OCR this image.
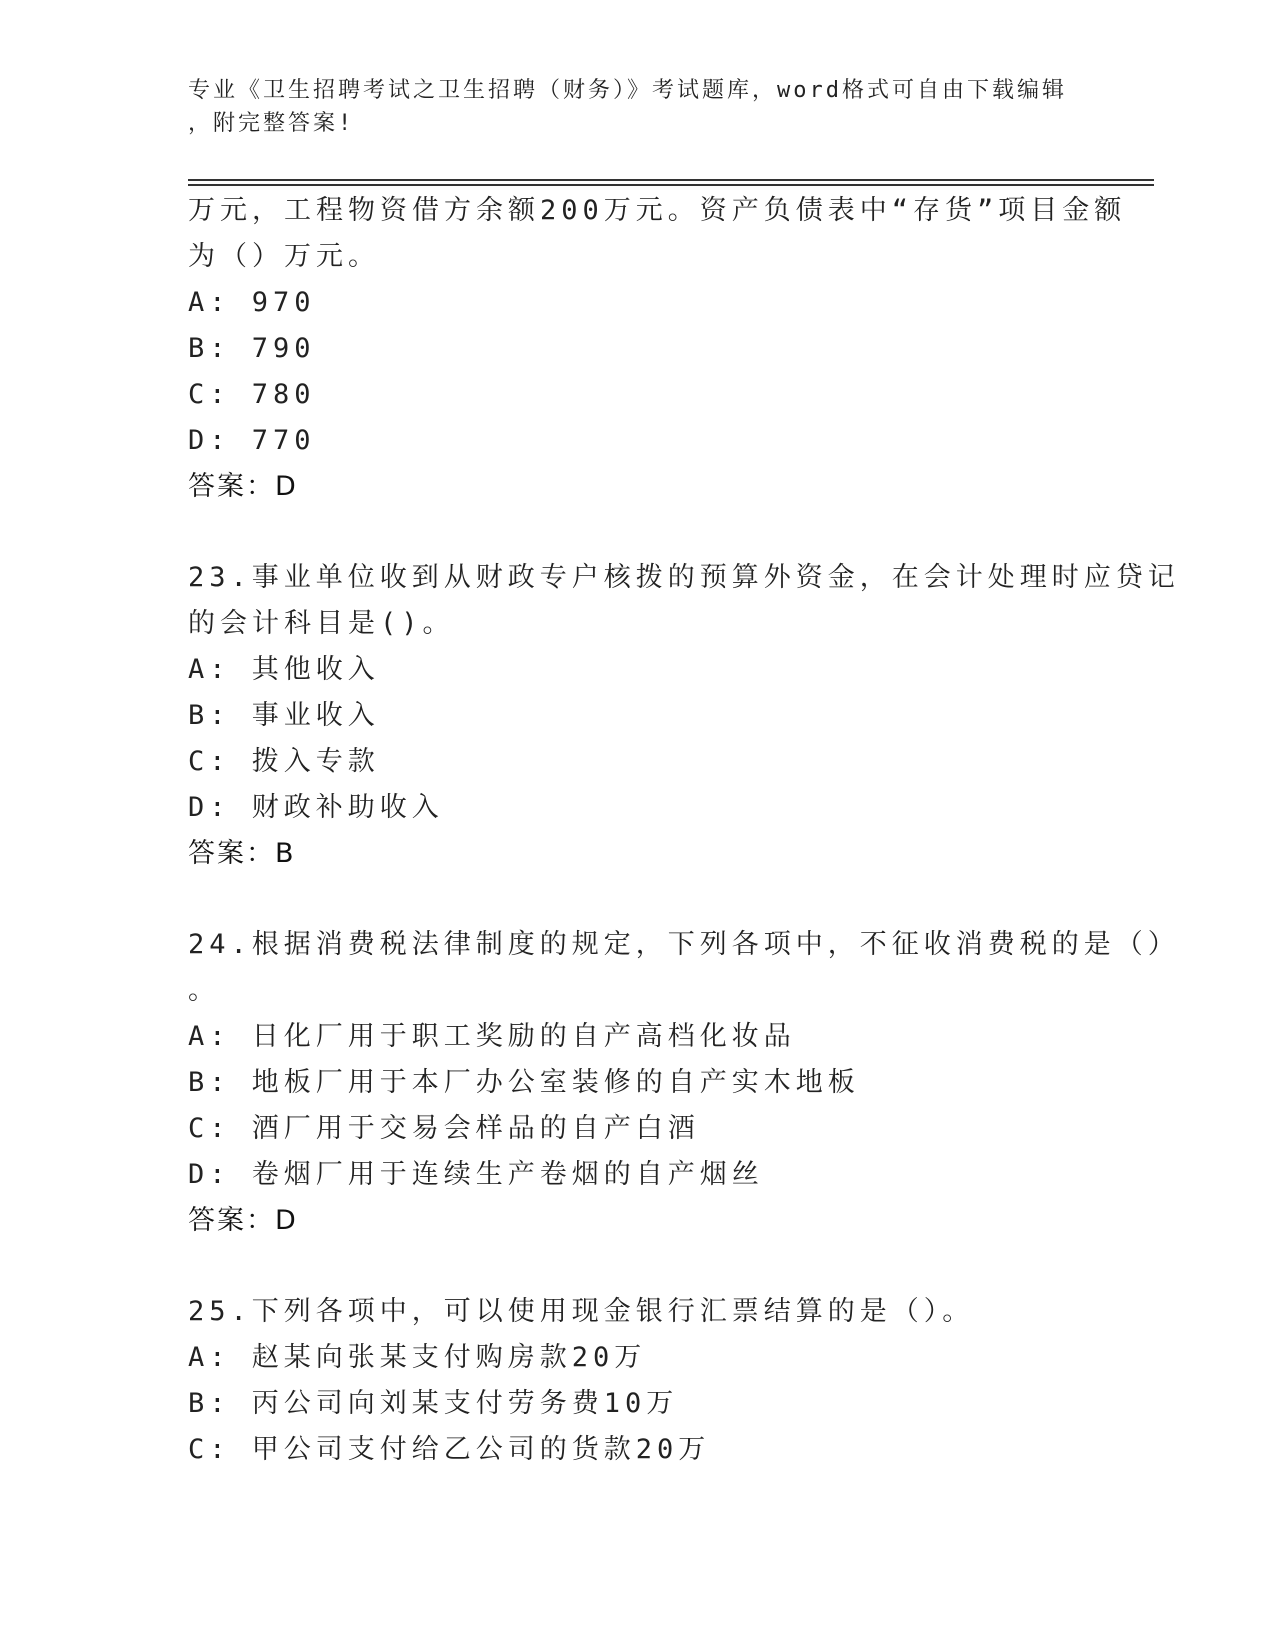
专业《卫生招聘考试之卫生招聘（财务）》考试题库，word格式可自由下载编辑
，附完整答案!
万元，工程物资借方余额200万元。资产负债表中“存货”项目金额
为（）万元。
A: 970
B: 790
C: 780
D: 770
答案：D
23.事业单位收到从财政专户核拨的预算外资金，在会计处理时应贷记
的会计科目是()。
A: 其他收入
B: 事业收入
C: 拨入专款
D: 财政补助收入
答案：B
24.根据消费税法律制度的规定，下列各项中，不征收消费税的是（）
。
A: 日化厂用于职工奖励的自产高档化妆品
B: 地板厂用于本厂办公室装修的自产实木地板
C: 酒厂用于交易会样品的自产白酒
D: 卷烟厂用于连续生产卷烟的自产烟丝
答案：D
25.下列各项中，可以使用现金银行汇票结算的是（）。
A: 赵某向张某支付购房款20万
B: 丙公司向刘某支付劳务费10万
C: 甲公司支付给乙公司的货款20万
